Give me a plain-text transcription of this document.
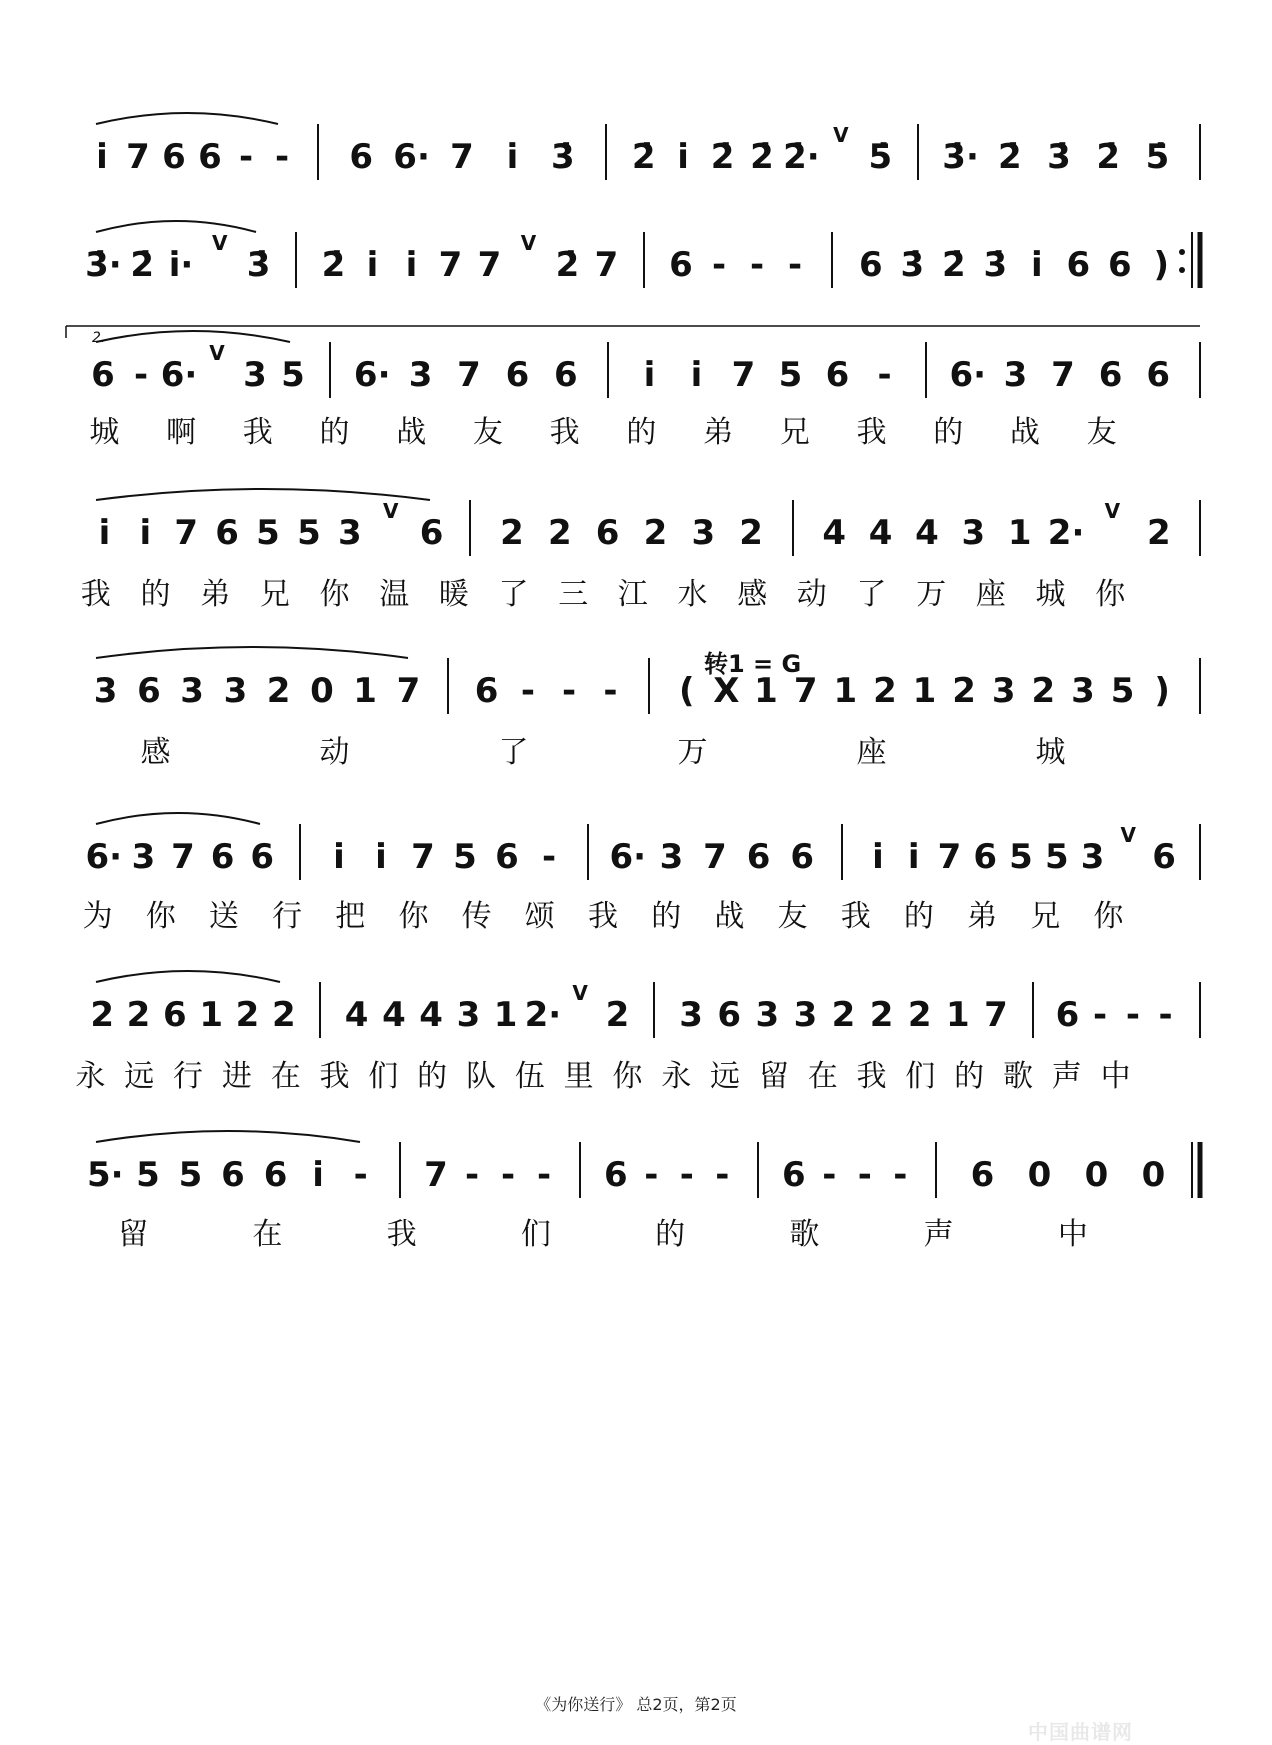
i̇ 7 6 6 - - 6 6· 7 i̇ 3̇ 2̇ i̇ 2̇ 2̇ 2̇·
V
5̇ 3̇· 2̇ 3̇ 2̇ 5̇
3̇· 2̇ i̇·
V
3̇ 2̇ i̇ i̇ 7 7
V
2̇ 7 6 - - - 6 3̇ 2̇ 3̇ i̇ 6 6 )
6 - 6·
V
3 5 6· 3 7 6 6 i̇ i̇ 7 5 6 - 6· 3 7 6 6
城 啊 我 的 战 友 我 的 弟 兄 我 的 战 友
i̇ i̇ 7 6 5 5 3
V
6 2 2 6 2 3 2 4 4 4 3 1 2·
V
2
我 的 弟 兄 你 温 暖 了 三 江 水 感 动 了 万 座 城 你
3 6 3 3 2 0 1 7 6 - - - ( X 1 7 1 2 1 2 3 2 3 5 )
感	动	了	万	座	城
6· 3 7 6 6 i̇ i̇ 7 5 6 - 6· 3 7 6 6 i̇ i̇ 7 6 5 5 3
V
6
为 你 送 行 把 你 传 颂 我 的 战 友 我 的 弟 兄 你
2 2 6 1 2 2 4 4 4 3 1 2·
V
2 3 6 3 3 2 2 2 1 7 6 - - -
永 远 行 进 在 我 们 的 队 伍 里 你 永 远 留 在 我 们 的 歌 声 中
5· 5 5 6 6 i̇ - 7 - - - 6 - - - 6 - - - 6 0 0 0
留	在	我	们	的	歌	声	中
2.
转1 = G
《为你送行》 总2页，第2页
中国曲谱网
